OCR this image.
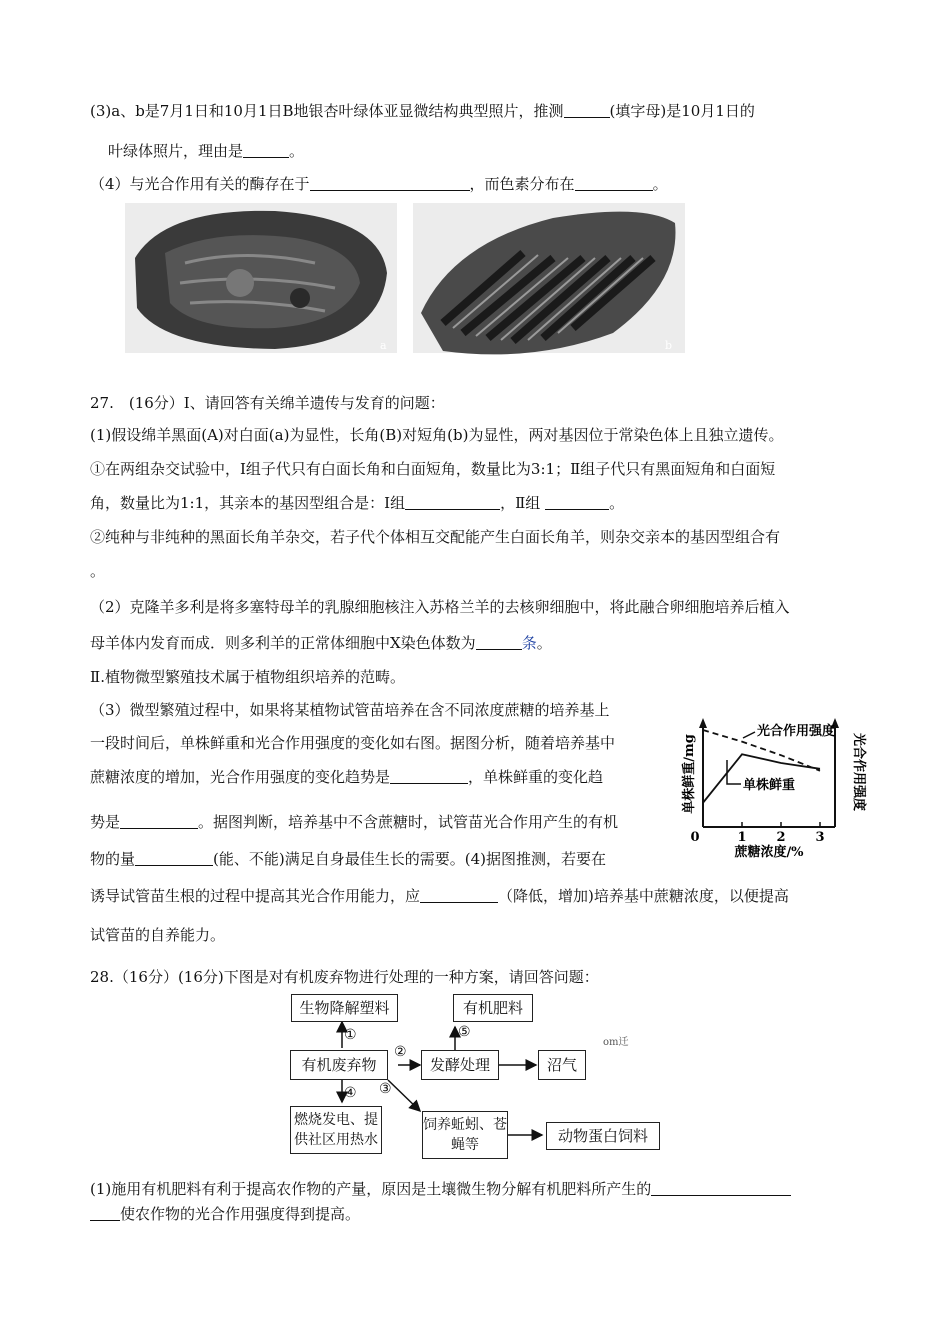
(3)a、b是7月1日和10月1日B地银杏叶绿体亚显微结构典型照片，推测	(填字母)是10月1日的
叶绿体照片，理由是	。
（4）与光合作用有关的酶存在于	，而色素分布在	。
a	b
27.　(16分）I、请回答有关绵羊遗传与发育的问题：
(1)假设绵羊黑面(A)对白面(a)为显性，长角(B)对短角(b)为显性，两对基因位于常染色体上且独立遗传。
①在两组杂交试验中，Ⅰ组子代只有白面长角和白面短角，数量比为3:1；Ⅱ组子代只有黑面短角和白面短
角，数量比为1:1，其亲本的基因型组合是：Ⅰ组	，Ⅱ组	。
②纯种与非纯种的黑面长角羊杂交，若子代个体相互交配能产生白面长角羊，则杂交亲本的基因型组合有
。
（2）克隆羊多利是将多塞特母羊的乳腺细胞核注入苏格兰羊的去核卵细胞中，将此融合卵细胞培养后植入
母羊体内发育而成．则多利羊的正常体细胞中X染色体数为	条。
Ⅱ.植物微型繁殖技术属于植物组织培养的范畴。
（3）微型繁殖过程中，如果将某植物试管苗培养在含不同浓度蔗糖的培养基上
一段时间后，单株鲜重和光合作用强度的变化如右图。据图分析，随着培养基中
蔗糖浓度的增加，光合作用强度的变化趋势是	，单株鲜重的变化趋
势是	。据图判断，培养基中不含蔗糖时，试管苗光合作用产生的有机
物的量	(能、不能)满足自身最佳生长的需要。(4)据图推测，若要在
诱导试管苗生根的过程中提高其光合作用能力，应	（降低，增加)培养基中蔗糖浓度，以便提高
试管苗的自养能力。
0	1 2 3
单株鲜重/mg	光合作用强度
蔗糖浓度/%
光合作用强度
单株鲜重
28.（16分）(16分)下图是对有机废弃物进行处理的一种方案，请回答问题：
生物降解塑料	有机肥料
有机废弃物	发酵处理	沼气
燃烧发电、提供社区用热水
饲养蚯蚓、苍蝇等	动物蛋白饲料
①
②
③
④
⑤
om迁
(1)施用有机肥料有利于提高农作物的产量，原因是土壤微生物分解有机肥料所产生的
使农作物的光合作用强度得到提高。
